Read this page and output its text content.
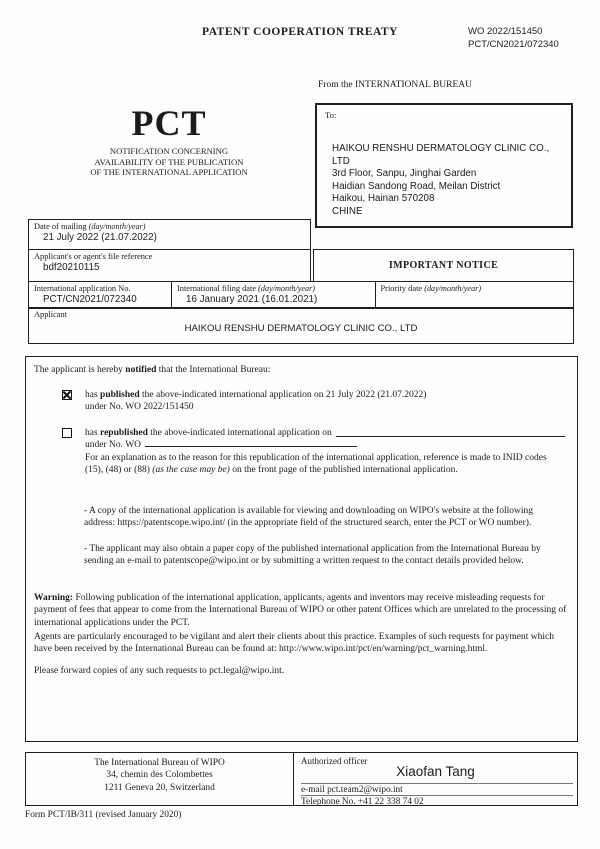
PATENT COOPERATION TREATY	WO 2022/151450
PCT/CN2021/072340
From the INTERNATIONAL BUREAU
PCT
NOTIFICATION CONCERNING
AVAILABILITY OF THE PUBLICATION
OF THE INTERNATIONAL APPLICATION
To:
HAIKOU RENSHU DERMATOLOGY CLINIC CO.,
LTD
3rd Floor, Sanpu, Jinghai Garden
Haidian Sandong Road, Meilan District
Haikou, Hainan 570208
CHINE
Date of mailing (day/month/year)
21 July 2022 (21.07.2022)
Applicant's or agent's file reference
bdf20210115	IMPORTANT NOTICE
International application No.
PCT/CN2021/072340
International filing date (day/month/year)
16 January 2021 (16.01.2021)
Priority date (day/month/year)
Applicant
HAIKOU RENSHU DERMATOLOGY CLINIC CO., LTD
The applicant is hereby notified that the International Bureau:
has published the above-indicated international application on 21 July 2022 (21.07.2022)
under No. WO 2022/151450
has republished the above-indicated international application on
under No. WO
For an explanation as to the reason for this republication of the international application, reference is made to INID codes (15), (48) or (88) (as the case may be) on the front page of the published international application.
- A copy of the international application is available for viewing and downloading on WIPO's website at the following address: https://patentscope.wipo.int/ (in the appropriate field of the structured search, enter the PCT or WO number).
- The applicant may also obtain a paper copy of the published international application from the International Bureau by sending an e-mail to patentscope@wipo.int or by submitting a written request to the contact details provided below.
Warning: Following publication of the international application, applicants, agents and inventors may receive misleading requests for payment of fees that appear to come from the International Bureau of WIPO or other patent Offices which are unrelated to the processing of international applications under the PCT.
Agents are particularly encouraged to be vigilant and alert their clients about this practice. Examples of such requests for payment which have been received by the International Bureau can be found at: http://www.wipo.int/pct/en/warning/pct_warning.html.
Please forward copies of any such requests to pct.legal@wipo.int.
The International Bureau of WIPO
34, chemin des Colombettes
1211 Geneva 20, Switzerland
Authorized officer
Xiaofan Tang
e-mail pct.team2@wipo.int
Telephone No. +41 22 338 74 02
Form PCT/IB/311 (revised January 2020)
